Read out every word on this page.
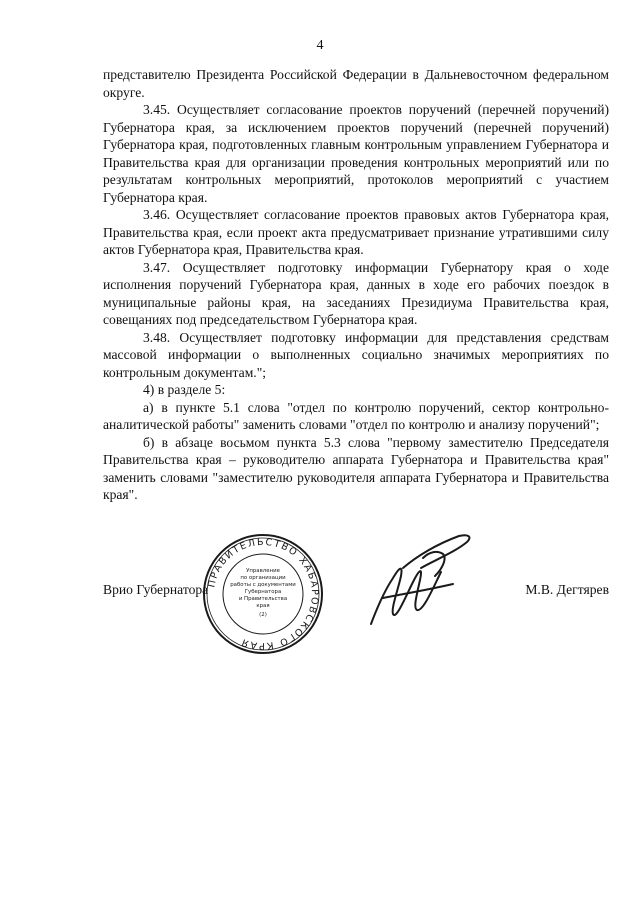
4

представителю Президента Российской Федерации в Дальневосточном федеральном округе.

3.45. Осуществляет согласование проектов поручений (перечней поручений) Губернатора края, за исключением проектов поручений (перечней поручений) Губернатора края, подготовленных главным контрольным управлением Губернатора и Правительства края для организации проведения контрольных мероприятий или по результатам контрольных мероприятий, протоколов мероприятий с участием Губернатора края.

3.46. Осуществляет согласование проектов правовых актов Губернатора края, Правительства края, если проект акта предусматривает признание утратившими силу актов Губернатора края, Правительства края.

3.47. Осуществляет подготовку информации Губернатору края о ходе исполнения поручений Губернатора края, данных в ходе его рабочих поездок в муниципальные районы края, на заседаниях Президиума Правительства края, совещаниях под председательством Губернатора края.

3.48. Осуществляет подготовку информации для представления средствам массовой информации о выполненных социально значимых мероприятиях по контрольным документам.";

4) в разделе 5:

а) в пункте 5.1 слова "отдел по контролю поручений, сектор контрольно-аналитической работы" заменить словами "отдел по контролю и анализу поручений";

б) в абзаце восьмом пункта 5.3 слова "первому заместителю Председателя Правительства края – руководителю аппарата Губернатора и Правительства края" заменить словами "заместителю руководителя аппарата Губернатора и Правительства края".

Врио Губернатора
ПРАВИТЕЛЬСТВО ХАБАРОВСКОГО КРАЯ
Управление
по организации
работы с документами
Губернатора
и Правительства
края
(2)
М.В. Дегтярев
